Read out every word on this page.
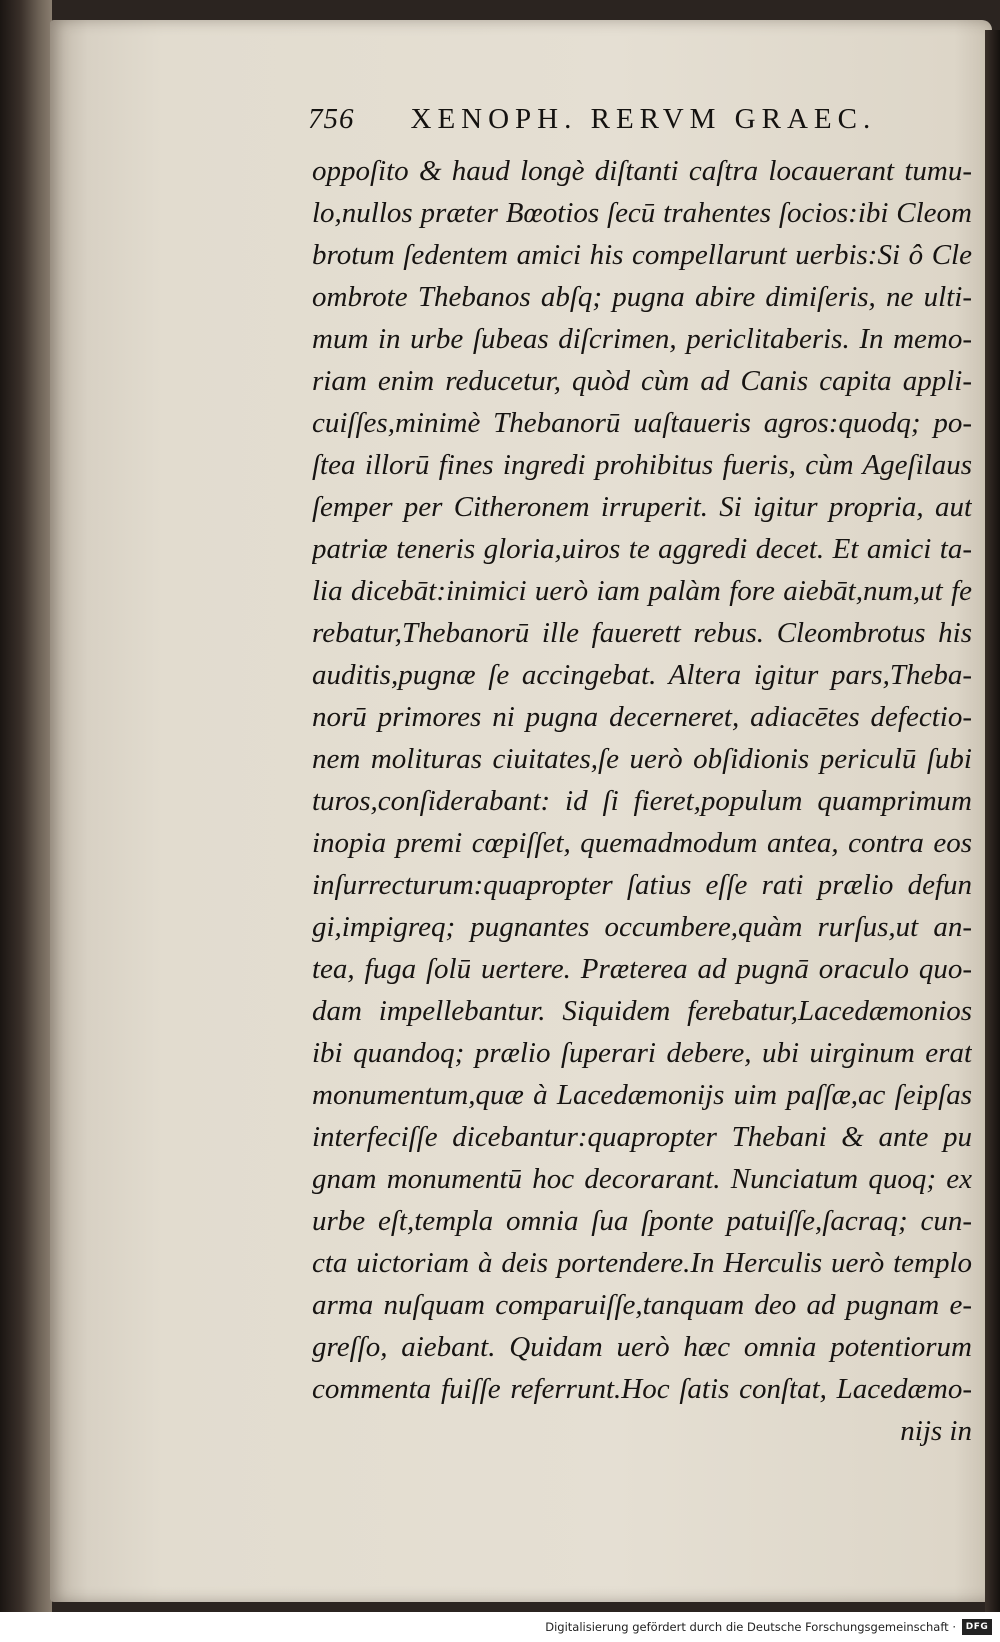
756 XENOPH. RERVM GRAEC.
oppoſito & haud longè diſtanti caſtra locauerant tumu-
lo,nullos præter Bœotios ſecū trahentes ſocios:ibi Cleom
brotum ſedentem amici his compellarunt uerbis:Si ô Cle
ombrote Thebanos abſq; pugna abire dimiſeris, ne ulti-
mum in urbe ſubeas diſcrimen, periclitaberis. In memo-
riam enim reducetur, quòd cùm ad Canis capita appli-
cuiſſes,minimè Thebanorū uaſtaueris agros:quodq; po-
ſtea illorū fines ingredi prohibitus fueris, cùm Ageſilaus
ſemper per Citheronem irruperit. Si igitur propria, aut
patriæ teneris gloria,uiros te aggredi decet. Et amici ta-
lia dicebāt:inimici uerò iam palàm fore aiebāt,num,ut fe
rebatur,Thebanorū ille fauerett rebus. Cleombrotus his
auditis,pugnæ ſe accingebat. Altera igitur pars,Theba-
norū primores ni pugna decerneret, adiacētes defectio-
nem molituras ciuitates,ſe uerò obſidionis periculū ſubi
turos,conſiderabant: id ſi fieret,populum quamprimum
inopia premi cœpiſſet, quemadmodum antea, contra eos
inſurrecturum:quapropter ſatius eſſe rati prælio defun
gi,impigreq; pugnantes occumbere,quàm rurſus,ut an-
tea, fuga ſolū uertere. Præterea ad pugnā oraculo quo-
dam impellebantur. Siquidem ferebatur,Lacedæmonios
ibi quandoq; prælio ſuperari debere, ubi uirginum erat
monumentum,quæ à Lacedæmonijs uim paſſæ,ac ſeipſas
interfeciſſe dicebantur:quapropter Thebani & ante pu
gnam monumentū hoc decorarant. Nunciatum quoq; ex
urbe eſt,templa omnia ſua ſponte patuiſſe,ſacraq; cun-
cta uictoriam à deis portendere.In Herculis uerò templo
arma nuſquam comparuiſſe,tanquam deo ad pugnam e-
greſſo, aiebant. Quidam uerò hæc omnia potentiorum
commenta fuiſſe referrunt.Hoc ſatis conſtat, Lacedæmo-
nijs in
Digitalisierung gefördert durch die Deutsche Forschungsgemeinschaft ·	DFG
